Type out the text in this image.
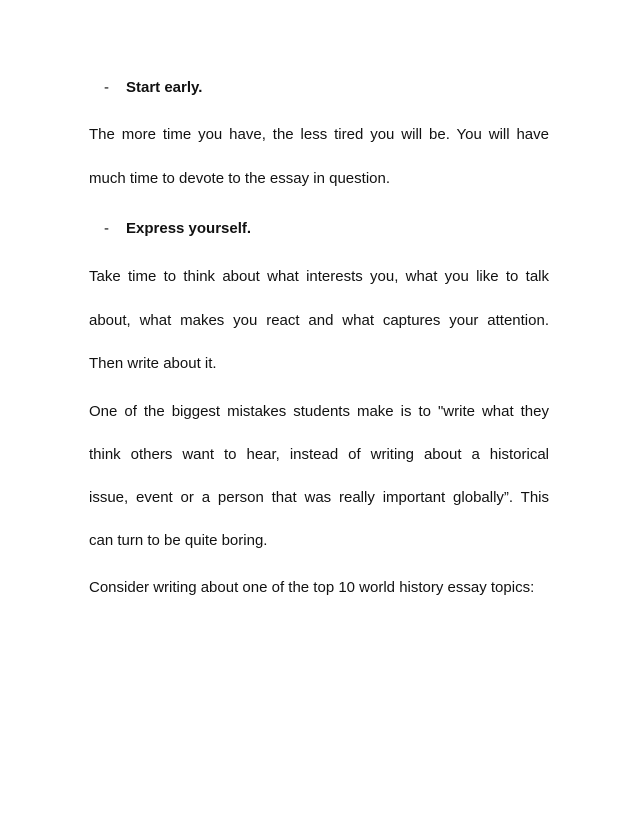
- Start early.
The more time you have, the less tired you will be. You will have
much time to devote to the essay in question.
- Express yourself.
Take time to think about what interests you, what you like to talk
about, what makes you react and what captures your attention.
Then write about it.
One of the biggest mistakes students make is to "write what they
think others want to hear, instead of writing about a historical
issue, event or a person that was really important globally”. This
can turn to be quite boring.
Consider writing about one of the top 10 world history essay topics:
